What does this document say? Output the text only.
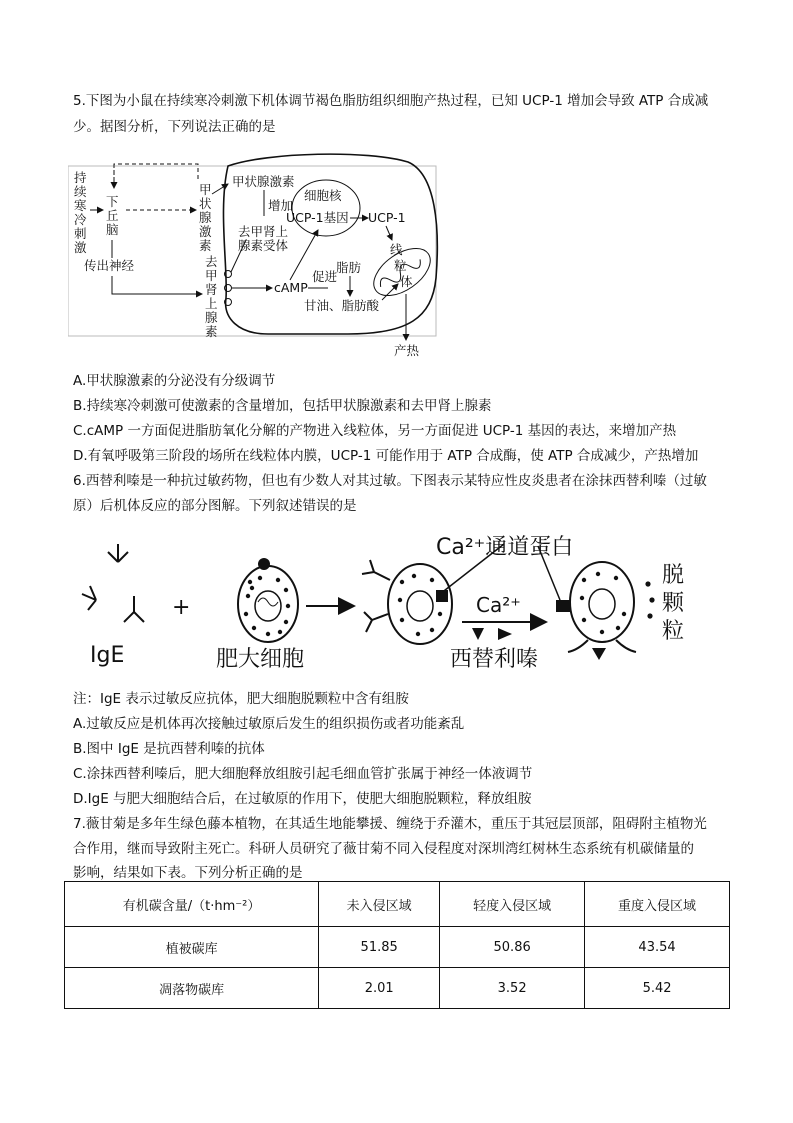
5.下图为小鼠在持续寒冷刺激下机体调节褐色脂肪组织细胞产热过程，已知 UCP-1 增加会导致 ATP 合成减
少。据图分析，下列说法正确的是
持
续
寒
冷
刺
激
下
丘
脑
甲
状
腺
激
素
传出神经	去
甲
肾
上
腺
素
甲状腺激素
增加
细胞核
UCP-1基因 UCP-1
去甲肾上
腺素受体
cAMP
促进
脂肪
甘油、脂肪酸
线
粒
体
产热
A.甲状腺激素的分泌没有分级调节
B.持续寒冷刺激可使激素的含量增加，包括甲状腺激素和去甲肾上腺素
C.cAMP 一方面促进脂肪氧化分解的产物进入线粒体，另一方面促进 UCP-1 基因的表达，来增加产热
D.有氧呼吸第三阶段的场所在线粒体内膜，UCP-1 可能作用于 ATP 合成酶，使 ATP 合成减少，产热增加
6.西替利嗪是一种抗过敏药物，但也有少数人对其过敏。下图表示某特应性皮炎患者在涂抹西替利嗪（过敏
原）后机体反应的部分图解。下列叙述错误的是
IgE
+
肥大细胞
Ca²⁺通道蛋白
Ca²⁺
西替利嗪
脱
颗
粒
注：IgE 表示过敏反应抗体，肥大细胞脱颗粒中含有组胺
A.过敏反应是机体再次接触过敏原后发生的组织损伤或者功能紊乱
B.图中 IgE 是抗西替利嗪的抗体
C.涂抹西替利嗪后，肥大细胞释放组胺引起毛细血管扩张属于神经一体液调节
D.IgE 与肥大细胞结合后，在过敏原的作用下，使肥大细胞脱颗粒，释放组胺
7.薇甘菊是多年生绿色藤本植物，在其适生地能攀援、缠绕于乔灌木，重压于其冠层顶部，阻碍附主植物光
合作用，继而导致附主死亡。科研人员研究了薇甘菊不同入侵程度对深圳湾红树林生态系统有机碳储量的
影响，结果如下表。下列分析正确的是
有机碳含量/（t·hm⁻²）	未入侵区域	轻度入侵区域	重度入侵区域
植被碳库	51.85	50.86	43.54
凋落物碳库	2.01	3.52	5.42
